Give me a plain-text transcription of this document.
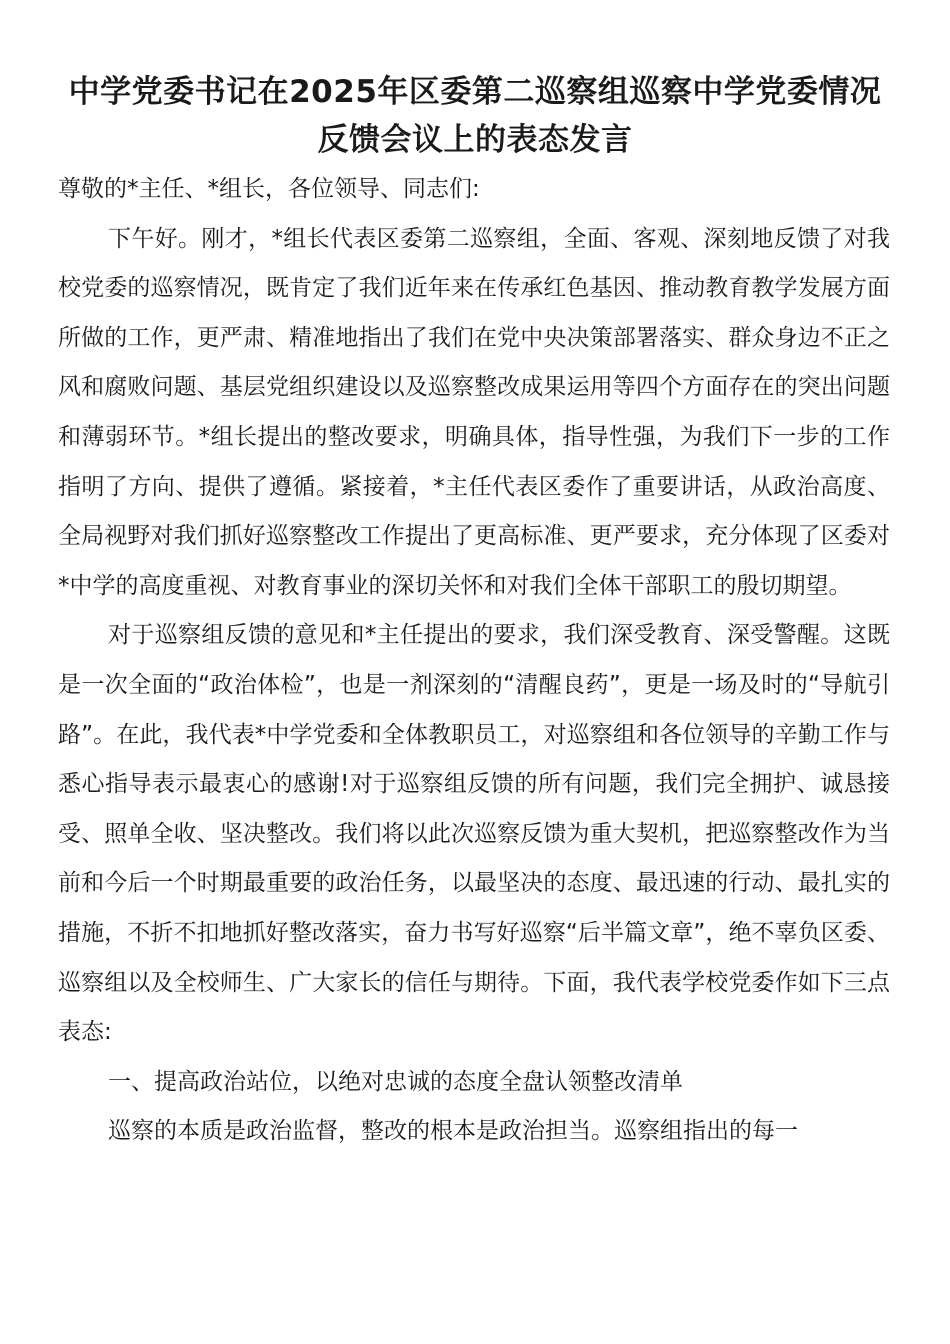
中学党委书记在2025年区委第二巡察组巡察中学党委情况反馈会议上的表态发言

尊敬的*主任、*组长，各位领导、同志们:

下午好。刚才，*组长代表区委第二巡察组，全面、客观、深刻地反馈了对我校党委的巡察情况，既肯定了我们近年来在传承红色基因、推动教育教学发展方面所做的工作，更严肃、精准地指出了我们在党中央决策部署落实、群众身边不正之风和腐败问题、基层党组织建设以及巡察整改成果运用等四个方面存在的突出问题和薄弱环节。*组长提出的整改要求，明确具体，指导性强，为我们下一步的工作指明了方向、提供了遵循。紧接着，*主任代表区委作了重要讲话，从政治高度、全局视野对我们抓好巡察整改工作提出了更高标准、更严要求，充分体现了区委对*中学的高度重视、对教育事业的深切关怀和对我们全体干部职工的殷切期望。

对于巡察组反馈的意见和*主任提出的要求，我们深受教育、深受警醒。这既是一次全面的“政治体检”，也是一剂深刻的“清醒良药”，更是一场及时的“导航引路”。在此，我代表*中学党委和全体教职员工，对巡察组和各位领导的辛勤工作与悉心指导表示最衷心的感谢!对于巡察组反馈的所有问题，我们完全拥护、诚恳接受、照单全收、坚决整改。我们将以此次巡察反馈为重大契机，把巡察整改作为当前和今后一个时期最重要的政治任务，以最坚决的态度、最迅速的行动、最扎实的措施，不折不扣地抓好整改落实，奋力书写好巡察“后半篇文章”，绝不辜负区委、巡察组以及全校师生、广大家长的信任与期待。下面，我代表学校党委作如下三点表态:

一、提高政治站位，以绝对忠诚的态度全盘认领整改清单

巡察的本质是政治监督，整改的根本是政治担当。巡察组指出的每一
